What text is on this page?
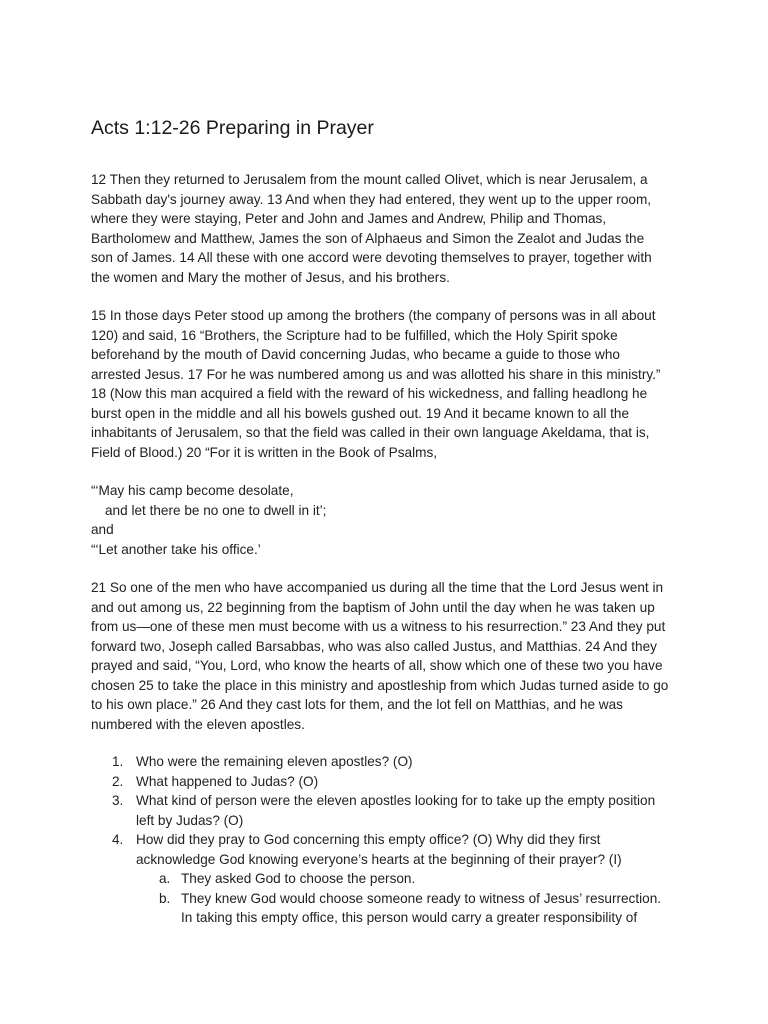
Acts 1:12-26 Preparing in Prayer

12 Then they returned to Jerusalem from the mount called Olivet, which is near Jerusalem, a
Sabbath day's journey away. 13 And when they had entered, they went up to the upper room,
where they were staying, Peter and John and James and Andrew, Philip and Thomas,
Bartholomew and Matthew, James the son of Alphaeus and Simon the Zealot and Judas the
son of James. 14 All these with one accord were devoting themselves to prayer, together with
the women and Mary the mother of Jesus, and his brothers.

15 In those days Peter stood up among the brothers (the company of persons was in all about
120) and said, 16 “Brothers, the Scripture had to be fulfilled, which the Holy Spirit spoke
beforehand by the mouth of David concerning Judas, who became a guide to those who
arrested Jesus. 17 For he was numbered among us and was allotted his share in this ministry.”
18 (Now this man acquired a field with the reward of his wickedness, and falling headlong he
burst open in the middle and all his bowels gushed out. 19 And it became known to all the
inhabitants of Jerusalem, so that the field was called in their own language Akeldama, that is,
Field of Blood.) 20 “For it is written in the Book of Psalms,

“‘May his camp become desolate,
and let there be no one to dwell in it’;
and
“‘Let another take his office.’

21 So one of the men who have accompanied us during all the time that the Lord Jesus went in
and out among us, 22 beginning from the baptism of John until the day when he was taken up
from us—one of these men must become with us a witness to his resurrection.” 23 And they put
forward two, Joseph called Barsabbas, who was also called Justus, and Matthias. 24 And they
prayed and said, “You, Lord, who know the hearts of all, show which one of these two you have
chosen 25 to take the place in this ministry and apostleship from which Judas turned aside to go
to his own place.” 26 And they cast lots for them, and the lot fell on Matthias, and he was
numbered with the eleven apostles.

1. Who were the remaining eleven apostles? (O)
2. What happened to Judas? (O)
3. What kind of person were the eleven apostles looking for to take up the empty position
left by Judas? (O)
4. How did they pray to God concerning this empty office? (O) Why did they first
acknowledge God knowing everyone’s hearts at the beginning of their prayer? (I)
a. They asked God to choose the person.
b. They knew God would choose someone ready to witness of Jesus’ resurrection.
In taking this empty office, this person would carry a greater responsibility of
